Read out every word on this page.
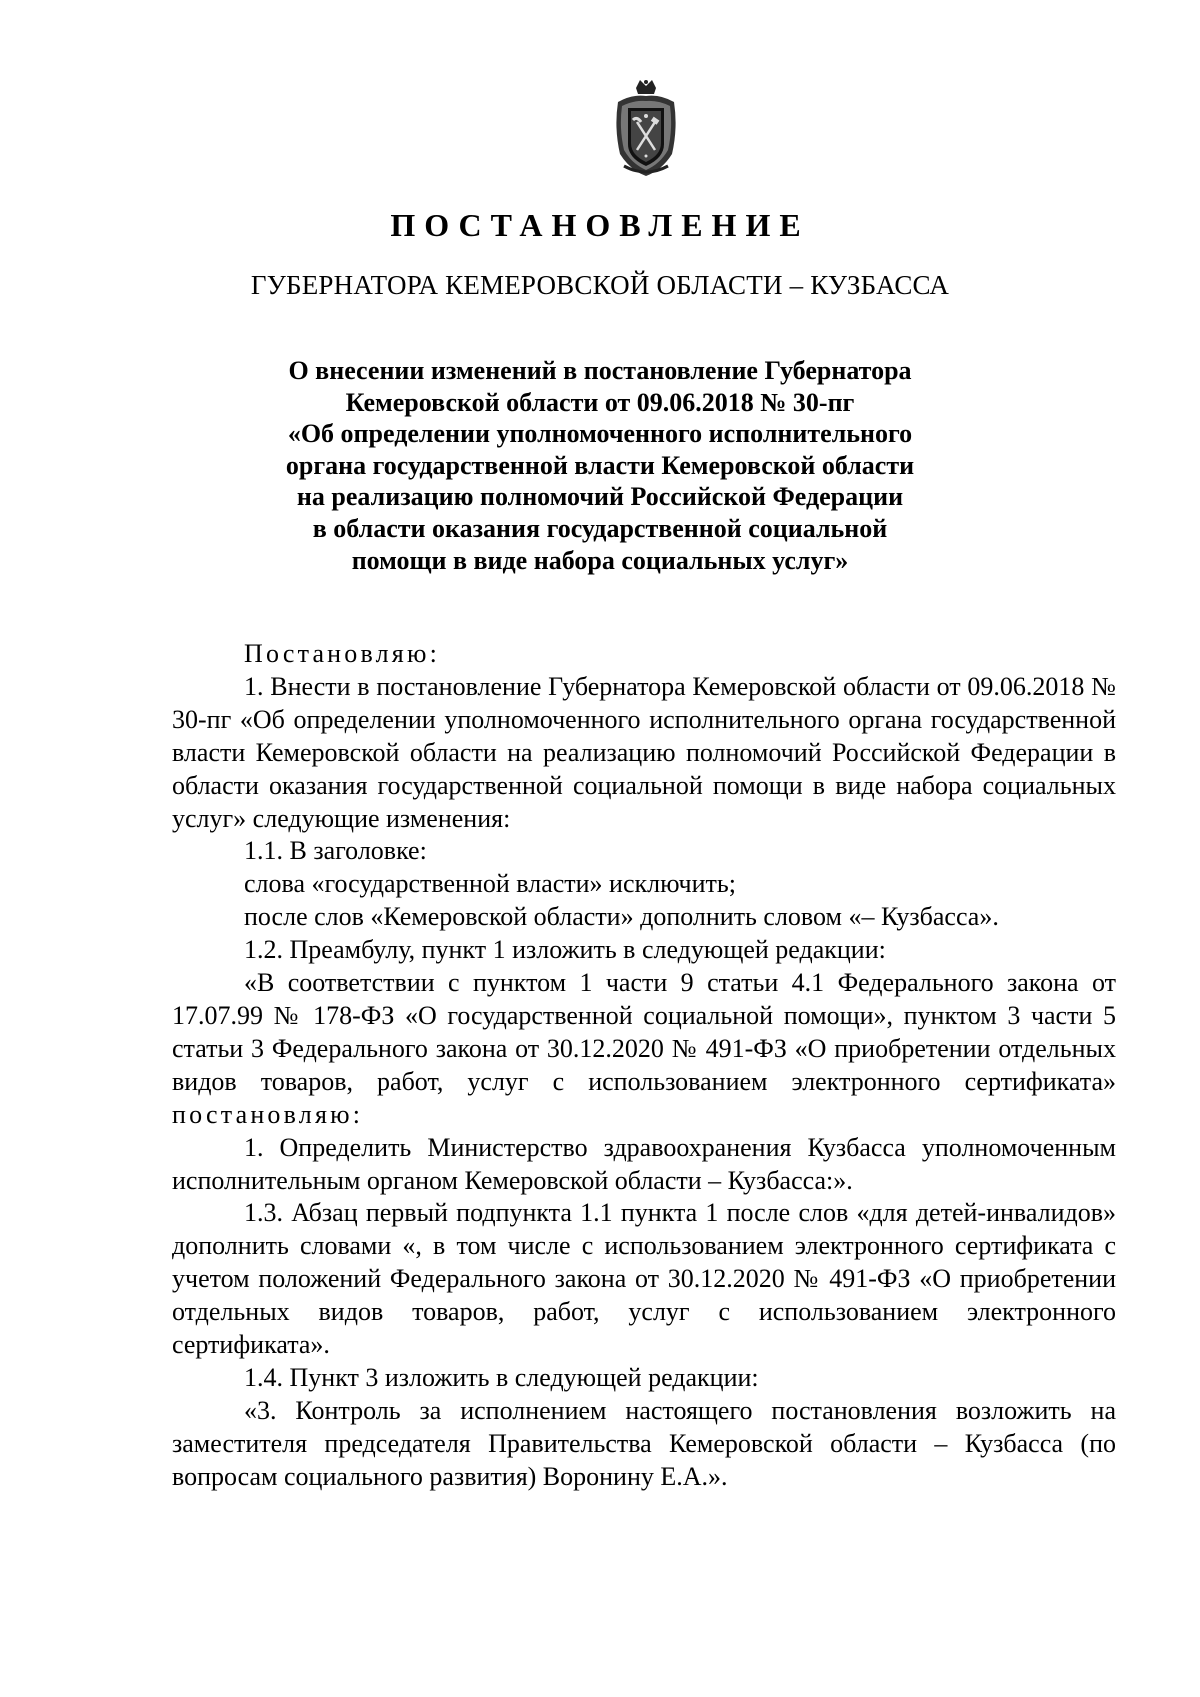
ПОСТАНОВЛЕНИЕ
ГУБЕРНАТОРА КЕМЕРОВСКОЙ ОБЛАСТИ – КУЗБАССА
О внесении изменений в постановление Губернатора
Кемеровской области от 09.06.2018 № 30-пг
«Об определении уполномоченного исполнительного
органа государственной власти Кемеровской области
на реализацию полномочий Российской Федерации
в области оказания государственной социальной
помощи в виде набора социальных услуг»

Постановляю:

1. Внести в постановление Губернатора Кемеровской области от 09.06.2018 № 30-пг «Об определении уполномоченного исполнительного органа государственной власти Кемеровской области на реализацию полномочий Российской Федерации в области оказания государственной социальной помощи в виде набора социальных услуг» следующие изменения:

1.1. В заголовке:

слова «государственной власти» исключить;

после слов «Кемеровской области» дополнить словом «– Кузбасса».

1.2. Преамбулу, пункт 1 изложить в следующей редакции:

«В соответствии с пунктом 1 части 9 статьи 4.1 Федерального закона от 17.07.99 № 178-ФЗ «О государственной социальной помощи», пунктом 3 части 5 статьи 3 Федерального закона от 30.12.2020 № 491-ФЗ «О приобретении отдельных видов товаров, работ, услуг с использованием электронного сертификата» постановляю:

1. Определить Министерство здравоохранения Кузбасса уполномоченным исполнительным органом Кемеровской области – Кузбасса:».

1.3. Абзац первый подпункта 1.1 пункта 1 после слов «для детей-инвалидов» дополнить словами «, в том числе с использованием электронного сертификата с учетом положений Федерального закона от 30.12.2020 № 491-ФЗ «О приобретении отдельных видов товаров, работ, услуг с использованием электронного сертификата».

1.4. Пункт 3 изложить в следующей редакции:

«3. Контроль за исполнением настоящего постановления возложить на заместителя председателя Правительства Кемеровской области – Кузбасса (по вопросам социального развития) Воронину Е.А.».
